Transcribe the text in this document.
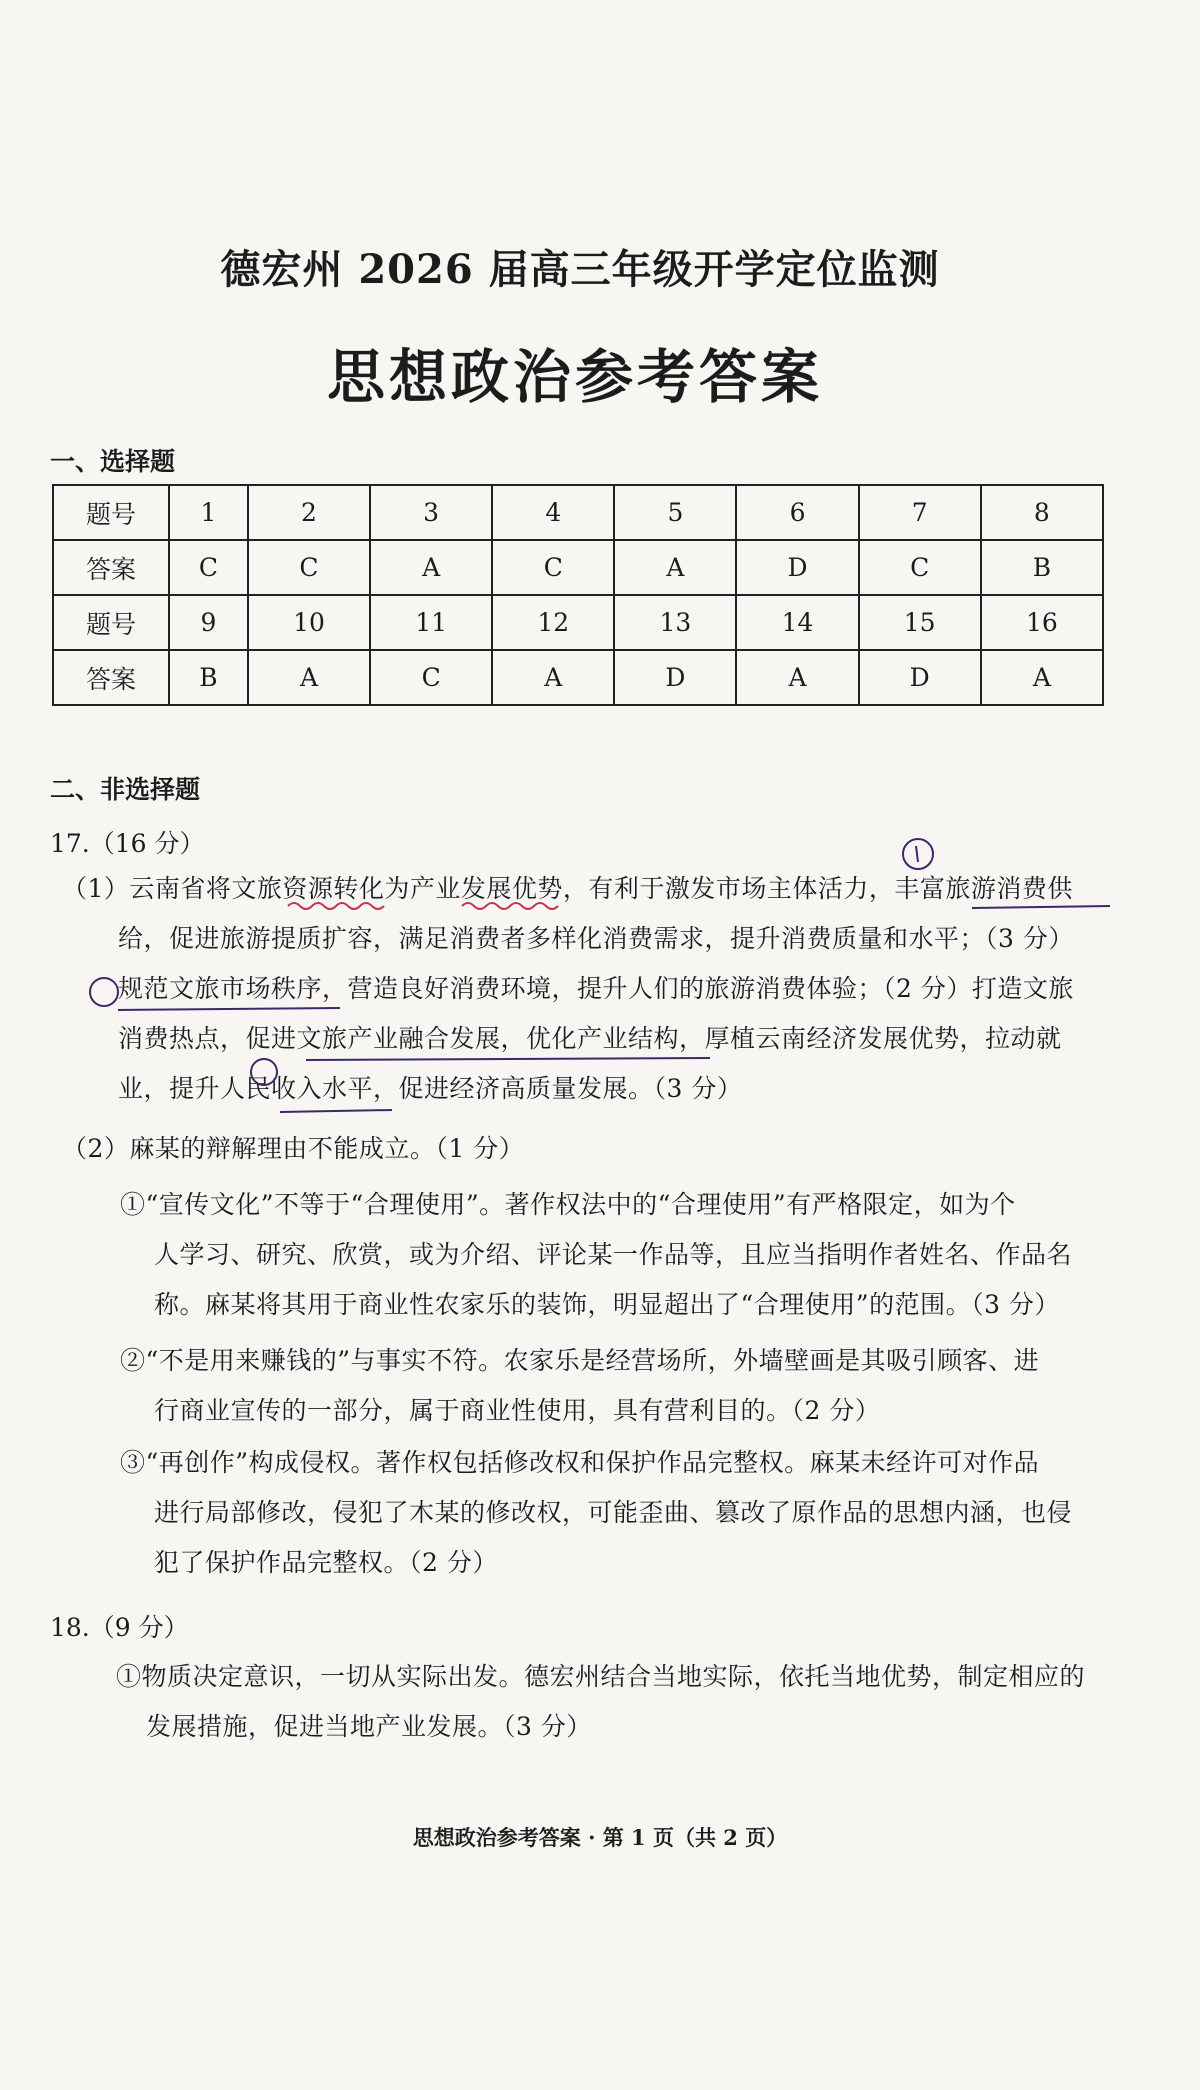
德宏州 2026 届高三年级开学定位监测
思想政治参考答案
一、选择题
题号	1	2	3	4	5	6	7	8
答案	C	C	A	C	A	D	C	B
题号	9	10	11	12	13	14	15	16
答案	B	A	C	A	D	A	D	A
二、非选择题
17.（16 分）
（1）云南省将文旅资源转化为产业发展优势，有利于激发市场主体活力，丰富旅游消费供
给，促进旅游提质扩容，满足消费者多样化消费需求，提升消费质量和水平；（3 分）
规范文旅市场秩序，营造良好消费环境，提升人们的旅游消费体验；（2 分）打造文旅
消费热点，促进文旅产业融合发展，优化产业结构，厚植云南经济发展优势，拉动就
业，提升人民收入水平，促进经济高质量发展。（3 分）
（2）麻某的辩解理由不能成立。（1 分）
①“宣传文化”不等于“合理使用”。著作权法中的“合理使用”有严格限定，如为个
人学习、研究、欣赏，或为介绍、评论某一作品等，且应当指明作者姓名、作品名
称。麻某将其用于商业性农家乐的装饰，明显超出了“合理使用”的范围。（3 分）
②“不是用来赚钱的”与事实不符。农家乐是经营场所，外墙壁画是其吸引顾客、进
行商业宣传的一部分，属于商业性使用，具有营利目的。（2 分）
③“再创作”构成侵权。著作权包括修改权和保护作品完整权。麻某未经许可对作品
进行局部修改，侵犯了木某的修改权，可能歪曲、篡改了原作品的思想内涵，也侵
犯了保护作品完整权。（2 分）
18.（9 分）
①物质决定意识，一切从实际出发。德宏州结合当地实际，依托当地优势，制定相应的
发展措施，促进当地产业发展。（3 分）
思想政治参考答案 · 第 1 页（共 2 页）
